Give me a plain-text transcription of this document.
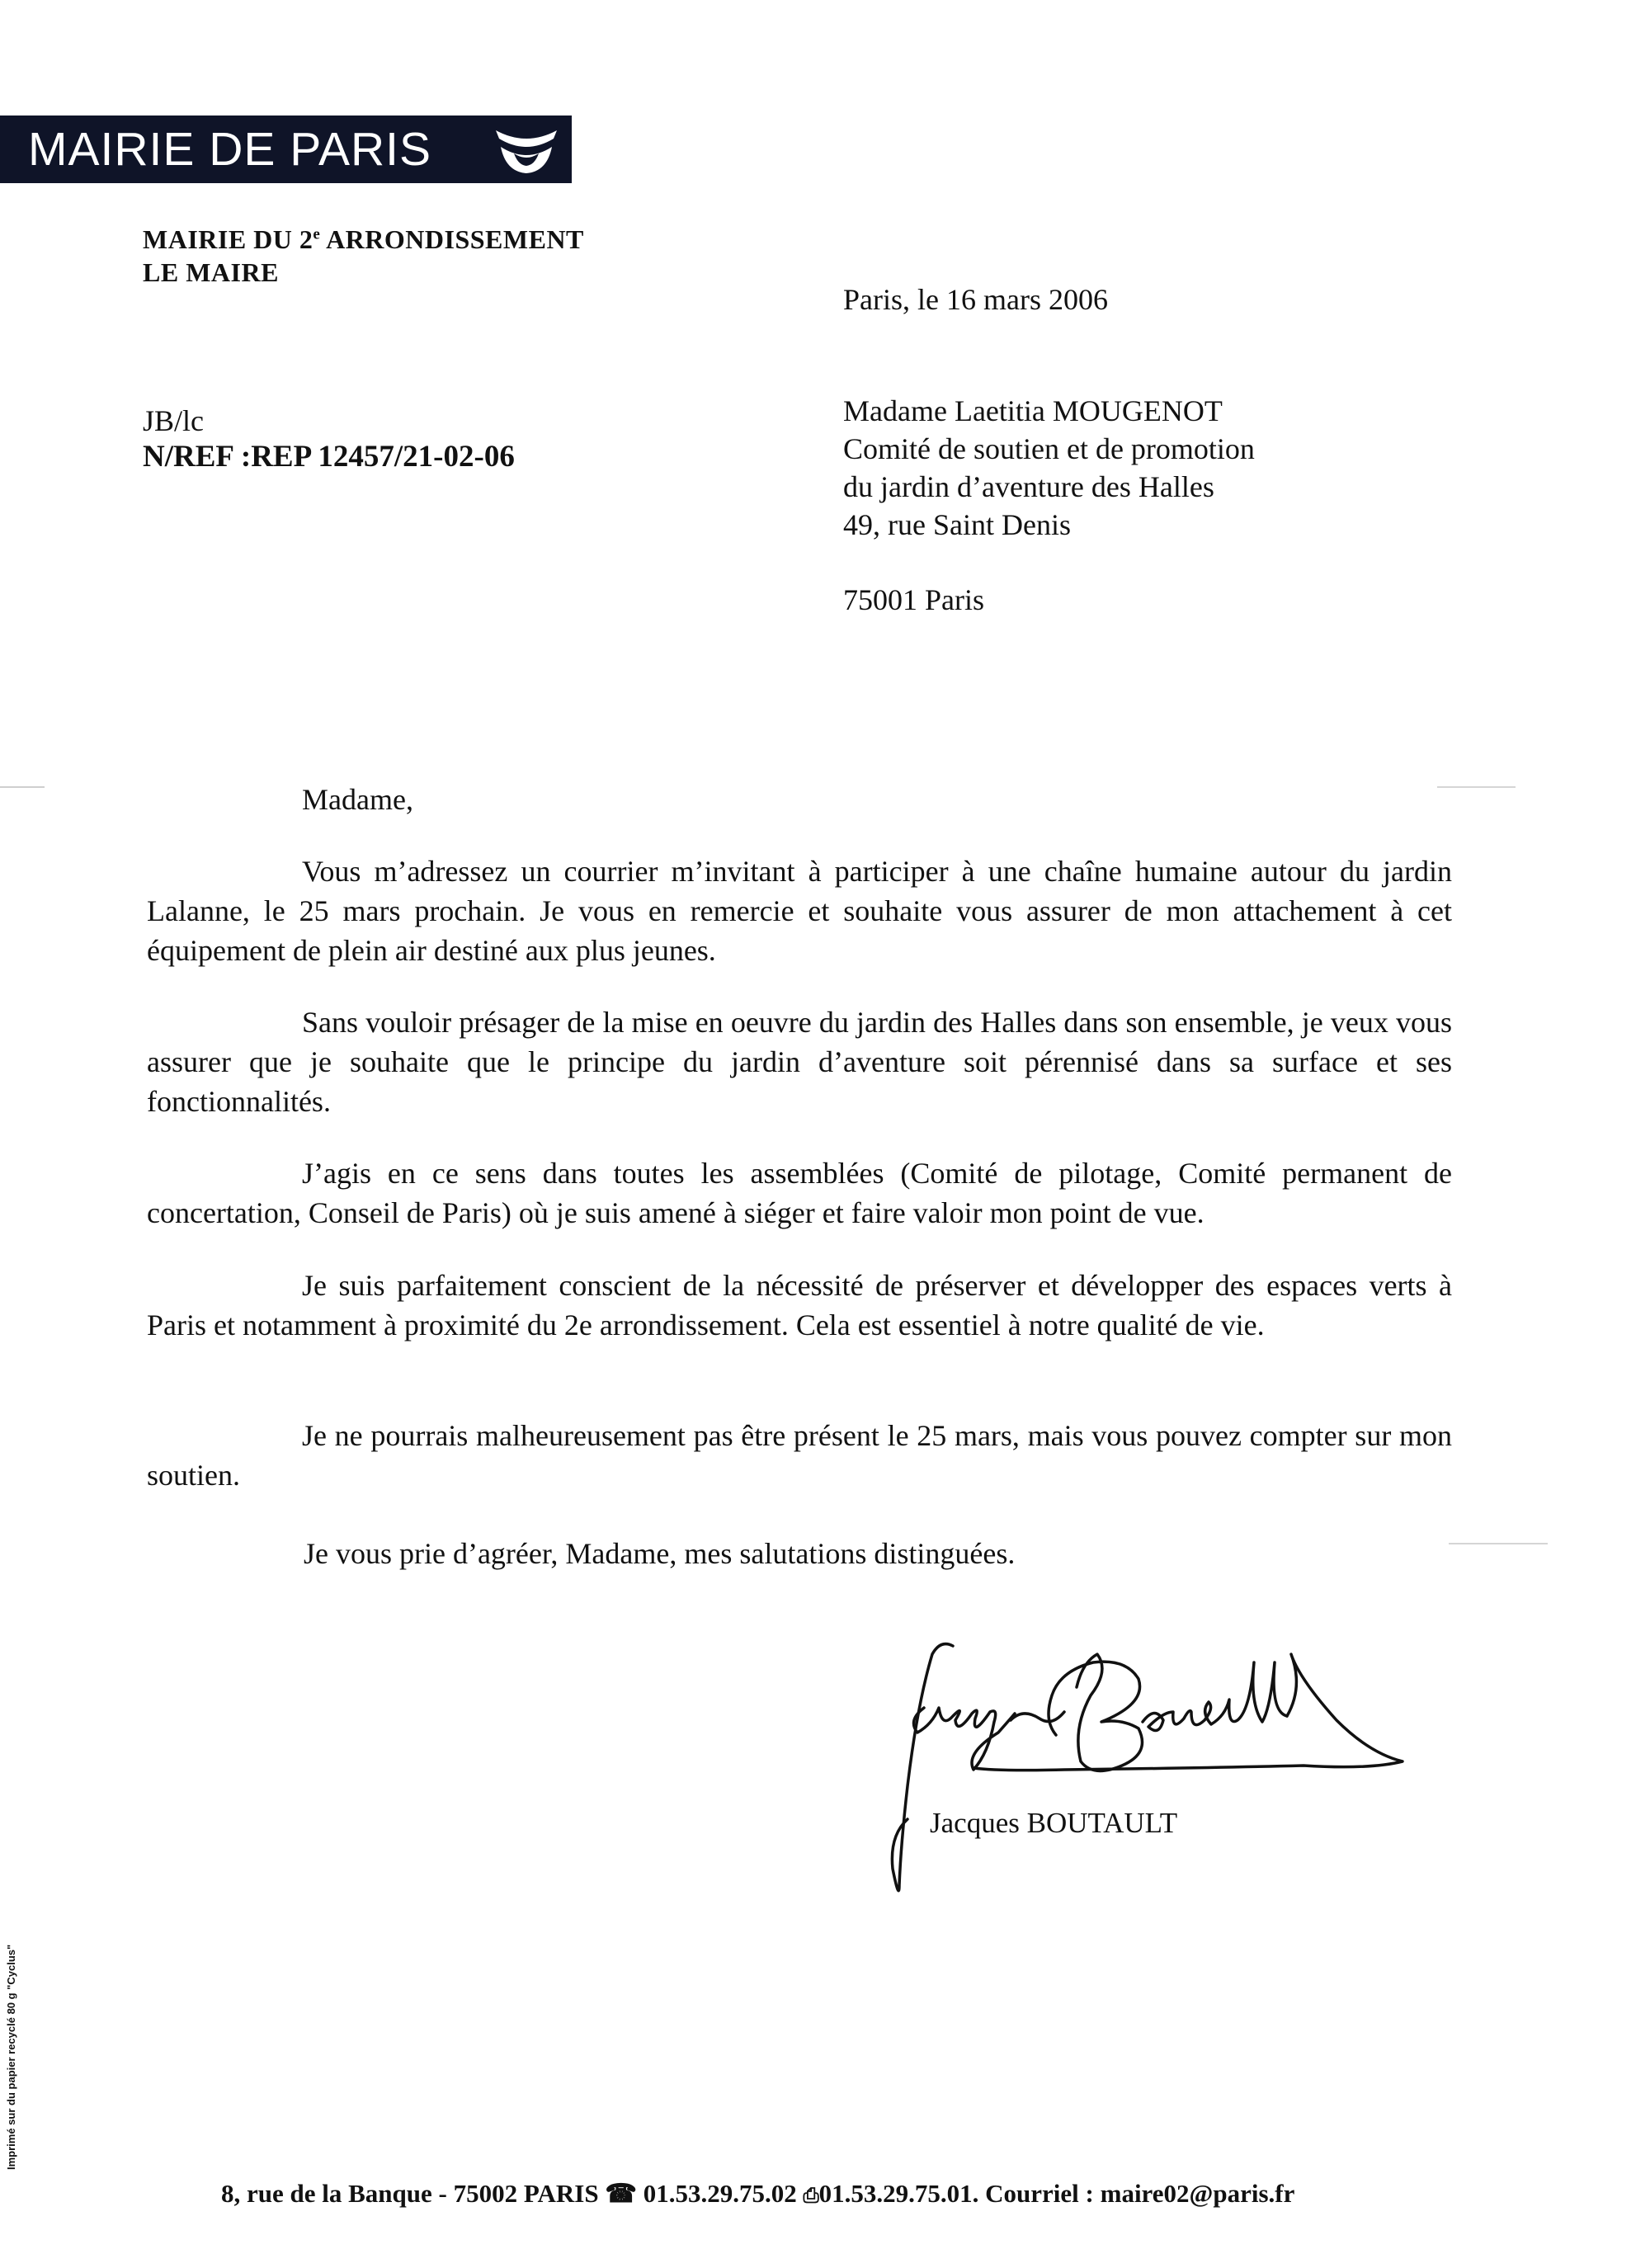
MAIRIE DE PARIS
MAIRIE DU 2e ARRONDISSEMENT
LE MAIRE
Paris, le 16 mars 2006
JB/lc
N/REF :REP 12457/21-02-06
Madame Laetitia MOUGENOT
Comité de soutien et de promotion
du jardin d’aventure des Halles
49, rue Saint Denis
75001 Paris
Madame,
Vous m’adressez un courrier m’invitant à participer à une chaîne humaine autour du jardin Lalanne, le 25 mars prochain. Je vous en remercie et souhaite vous assurer de mon attachement à cet équipement de plein air destiné aux plus jeunes.
Sans vouloir présager de la mise en oeuvre du jardin des Halles dans son ensemble, je veux vous assurer que je souhaite que le principe du jardin d’aventure soit pérennisé dans sa surface et ses fonctionnalités.
J’agis en ce sens dans toutes les assemblées (Comité de pilotage, Comité permanent de concertation, Conseil de Paris) où je suis amené à siéger et faire valoir mon point de vue.
Je suis parfaitement conscient de la nécessité de préserver et développer des espaces verts à Paris et notamment à proximité du 2e arrondissement. Cela est essentiel à notre qualité de vie.
Je ne pourrais malheureusement pas être présent le 25 mars, mais vous pouvez compter sur mon soutien.
Je vous prie d’agréer, Madame, mes salutations distinguées.
Jacques BOUTAULT
8, rue de la Banque - 75002 PARIS ☎ 01.53.29.75.02 ⎙01.53.29.75.01. Courriel : maire02@paris.fr
Imprimé sur du papier recyclé 80 g "Cyclus"
